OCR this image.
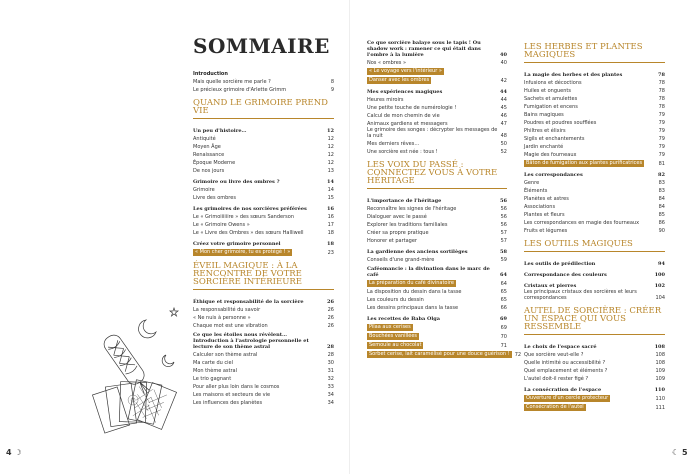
SOMMAIRE
Introduction
Mais quelle sorcière me parle ?	8
Le précieux grimoire d'Arlette Grimm	9
QUAND LE GRIMOIRE PREND VIE
Un peu d'histoire…	12
Antiquité	12
Moyen Âge	12
Renaissance	12
Époque Moderne	12
De nos jours	13
Grimoire ou livre des ombres ?	14
Grimoire	14
Livre des ombres	15
Les grimoires de nos sorcières préférées	16
Le « Grimoiiiiiire » des sœurs Sanderson	16
Le « Grimoire Owens »	17
Le « Livre des Ombres » des sœurs Halliwell	18
Créez votre grimoire personnel	18
« Mon cher grimoire, tu es protégé ! »	23
ÉVEIL MAGIQUE : À LA RENCONTRE DE VOTRE SORCIÈRE INTÉRIEURE
Éthique et responsabilité de la sorcière	26
La responsabilité du savoir	26
« Ne nuis à personne »	26
Chaque mot est une vibration	26
Ce que les étoiles nous révèlent… Introduction à l'astrologie personnelle et lecture de son thème astral	28
Calculer son thème astral	28
Ma carte du ciel	30
Mon thème astral	31
Le trio gagnant	32
Pour aller plus loin dans le cosmos	33
Les maisons et secteurs de vie	34
Les influences des planètes	34
Ce que sorcière balaye sous le tapis ! Ou shadow work : ramener ce qui était dans l'ombre à la lumière	40
Nos « ombres »	40
« Le voyage vers l'intérieur »
Danser avec les ombres	42
Mes expériences magiques	44
Heures miroirs	44
Une petite touche de numérologie !	45
Calcul de mon chemin de vie	46
Animaux gardiens et messagers	47
Le grimoire des songes : décrypter les messages de la nuit	48
Mes derniers rêves…	50
Une sorcière est née : tous !	52
LES VOIX DU PASSÉ : CONNECTEZ VOUS À VOTRE HÉRITAGE
L'importance de l'héritage	56
Reconnaître les signes de l'héritage	56
Dialoguer avec le passé	56
Explorer les traditions familiales	56
Créer sa propre pratique	57
Honorer et partager	57
La gardienne des anciens sortilèges	58
Conseils d'une grand-mère	59
Caféomancie : la divination dans le marc de café	64
La préparation du café divinatoire	64
La disposition du dessin dans la tasse	65
Les couleurs du dessin	65
Les dessins principaux dans la tasse	66
Les recettes de Baba Olga	69
Pilaa aux cerises	69
Bouchées vanillées	70
Semoule au chocolat	71
Sorbet cerise, lait caramélisé pour une douce guérison !	72
LES HERBES ET PLANTES MAGIQUES
La magie des herbes et des plantes	78
Infusions et décoctions	78
Huiles et onguents	78
Sachets et amulettes	78
Fumigation et encens	78
Bains magiques	79
Poudres et poudres soufflées	79
Philtres et élixirs	79
Sigils et enchantements	79
Jardin enchanté	79
Magie des fourneaux	79
Bâton de fumigation aux plantes purificatrices	81
Les correspondances	82
Genre	83
Éléments	83
Planètes et astres	84
Associations	84
Plantes et fleurs	85
Les correspondances en magie des fourneaux	86
Fruits et légumes	90
LES OUTILS MAGIQUES
Les outils de prédilection	94
Correspondance des couleurs	100
Cristaux et pierres	102
Les principaux cristaux des sorcières et leurs correspondances	104
AUTEL DE SORCIÈRE : CRÉER UN ESPACE QUI VOUS RESSEMBLE
Le choix de l'espace sacré	108
Que sorcière veut-elle ?	108
Quelle intimité ou accessibilité ?	108
Quel emplacement et éléments ?	109
L'autel doit-il rester figé ?	109
La consécration de l'espace	110
Ouverture d'un cercle protecteur	110
Consécration de l'autel	111
4 ☽	☾ 5
